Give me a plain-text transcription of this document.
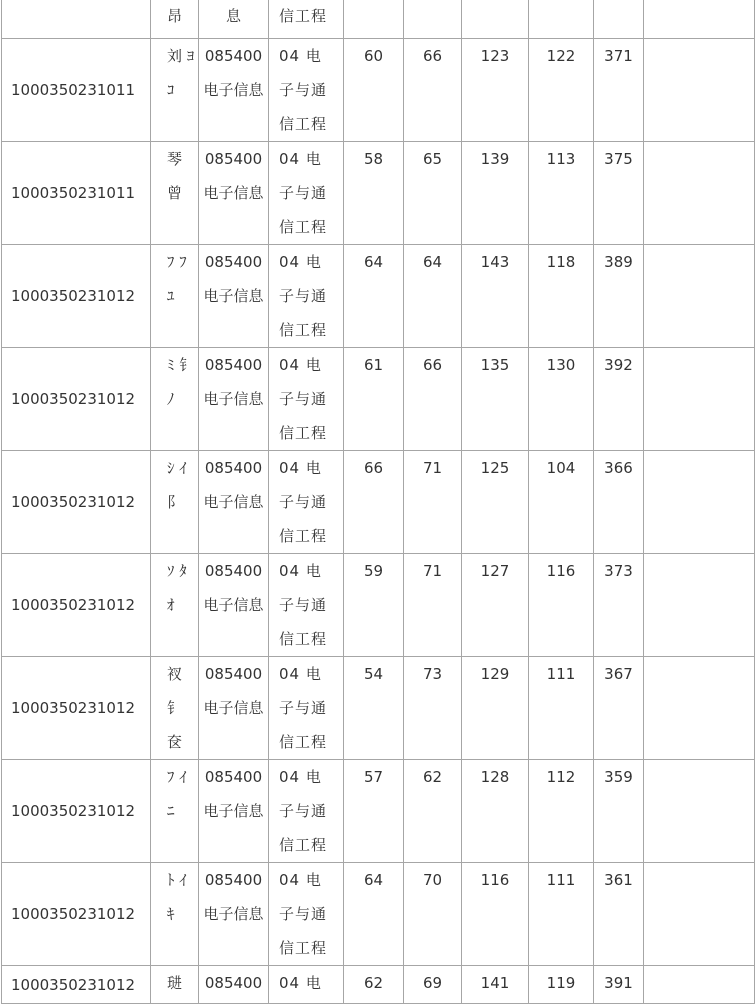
	昂	息	信工程						
1000350231011	刘 ﾖ ｺ	085400 电子信息	04 电子与通信工程	60	66	123	122	371	
1000350231011	琴 曾	085400 电子信息	04 电子与通信工程	58	65	139	113	375	
1000350231012	ﾌ ﾌ ﾕ	085400 电子信息	04 电子与通信工程	64	64	143	118	389	
1000350231012	ﾐ 钅 ﾉ	085400 电子信息	04 电子与通信工程	61	66	135	130	392	
1000350231012	ｼ ｲ 阝	085400 电子信息	04 电子与通信工程	66	71	125	104	366	
1000350231012	ｿ ﾀ ｵ	085400 电子信息	04 电子与通信工程	59	71	127	116	373	
1000350231012	衩 钅 奁	085400 电子信息	04 电子与通信工程	54	73	129	111	367	
1000350231012	ﾌ ｲ ﾆ	085400 电子信息	04 电子与通信工程	57	62	128	112	359	
1000350231012	ﾄ ｲ ｷ	085400 电子信息	04 电子与通信工程	64	70	116	111	361	
1000350231012	琎	085400	04 电	62	69	141	119	391	
